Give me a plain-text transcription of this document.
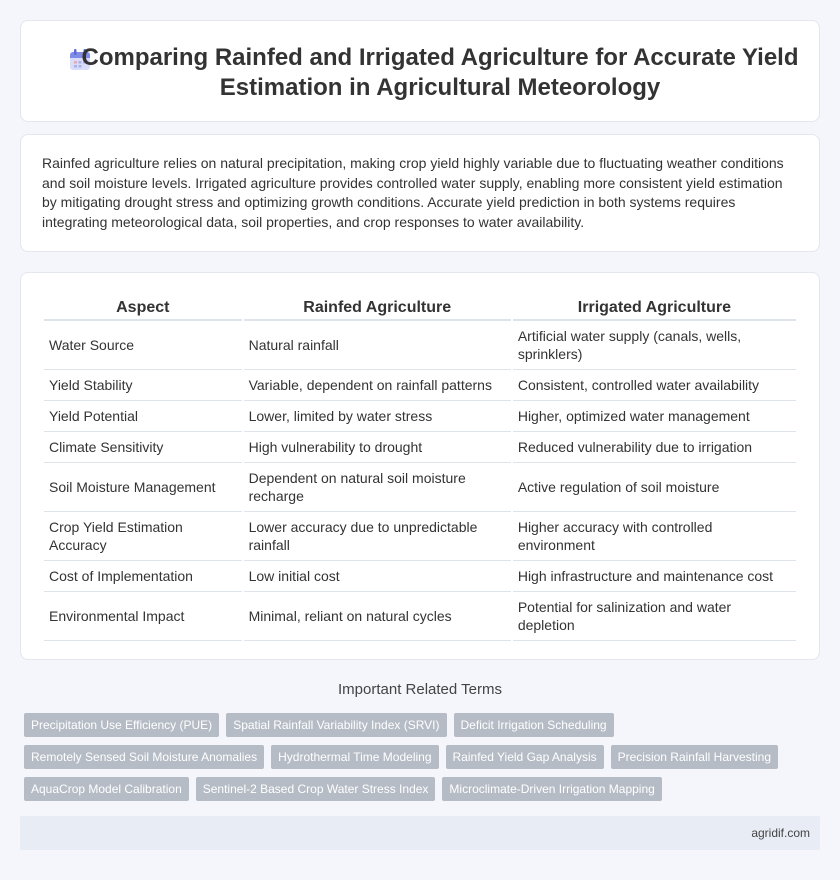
Comparing Rainfed and Irrigated Agriculture for Accurate Yield Estimation in Agricultural Meteorology

Rainfed agriculture relies on natural precipitation, making crop yield highly variable due to fluctuating weather conditions and soil moisture levels. Irrigated agriculture provides controlled water supply, enabling more consistent yield estimation by mitigating drought stress and optimizing growth conditions. Accurate yield prediction in both systems requires integrating meteorological data, soil properties, and crop responses to water availability.

Aspect	Rainfed Agriculture	Irrigated Agriculture
Water Source	Natural rainfall	Artificial water supply (canals, wells, sprinklers)
Yield Stability	Variable, dependent on rainfall patterns	Consistent, controlled water availability
Yield Potential	Lower, limited by water stress	Higher, optimized water management
Climate Sensitivity	High vulnerability to drought	Reduced vulnerability due to irrigation
Soil Moisture Management	Dependent on natural soil moisture recharge	Active regulation of soil moisture
Crop Yield Estimation Accuracy	Lower accuracy due to unpredictable rainfall	Higher accuracy with controlled environment
Cost of Implementation	Low initial cost	High infrastructure and maintenance cost
Environmental Impact	Minimal, reliant on natural cycles	Potential for salinization and water depletion
Important Related Terms
Precipitation Use Efficiency (PUE)	Spatial Rainfall Variability Index (SRVI)	Deficit Irrigation Scheduling
Remotely Sensed Soil Moisture Anomalies	Hydrothermal Time Modeling	Rainfed Yield Gap Analysis	Precision Rainfall Harvesting
AquaCrop Model Calibration	Sentinel-2 Based Crop Water Stress Index	Microclimate-Driven Irrigation Mapping
agridif.com
